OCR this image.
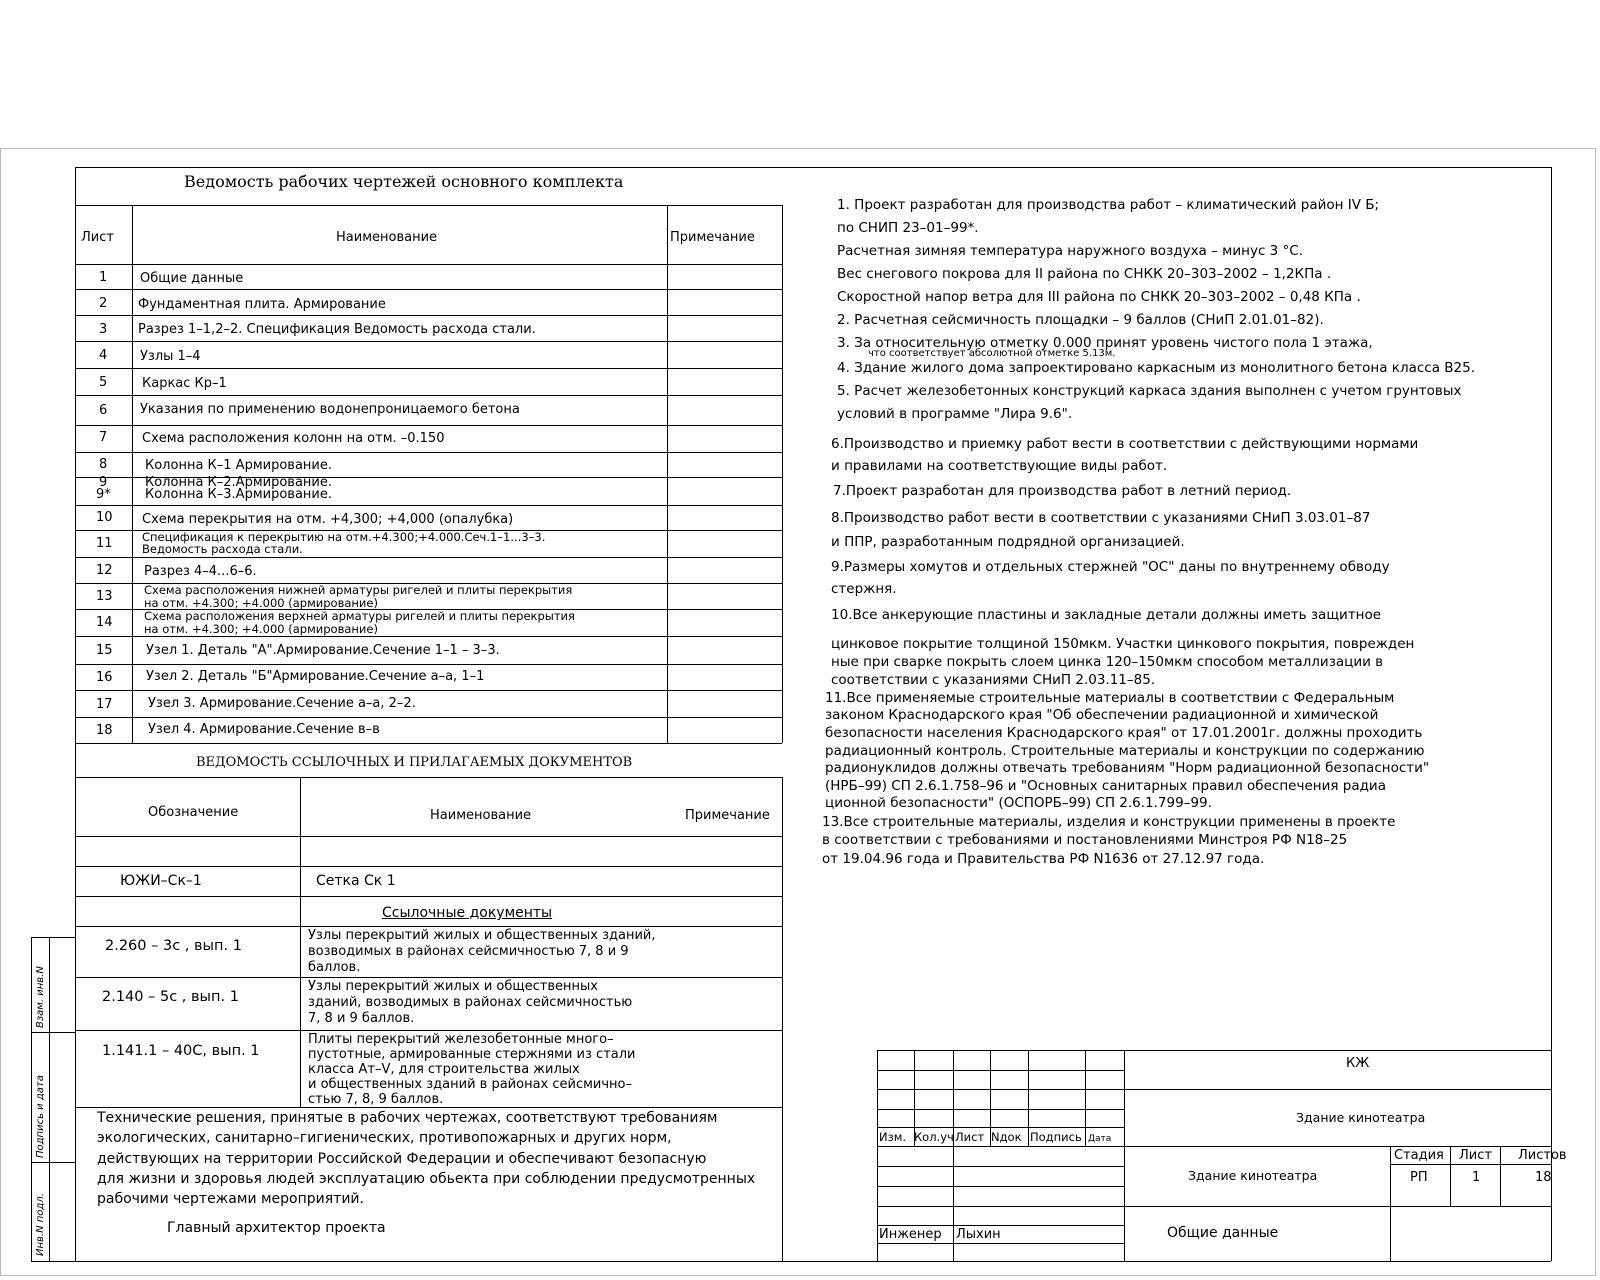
Ведомость рабочих чертежей основного комплекта
Лист	Наименование	Примечание
1	Общие данные
2 Фундаментная плита. Армирование
3 Разрез 1–1,2–2. Спецификация Ведомость расхода стали.
4	Узлы 1–4
5	Каркас Кр–1
6	Указания по применению водонепроницаемого бетона
7	Схема расположения колонн на отм. –0.150
8	Колонна К–1 Армирование.
9	Колонна К–2.Армирование.
9*	Колонна К–3.Армирование.
10 Схема перекрытия на отм. +4,300; +4,000 (опалубка)
11	Спецификация к перекрытию на отм.+4.300;+4.000.Сеч.1–1...3–3.
Ведомость расхода стали.
12 Разрез 4–4...6–6.
13	Схема расположения нижней арматуры ригелей и плиты перекрытия
на отм. +4.300; +4.000 (армирование)
14	Схема расположения верхней арматуры ригелей и плиты перекрытия
на отм. +4.300; +4.000 (армирование)
15	Узел 1. Деталь "А".Армирование.Сечение 1–1 – 3–3.
16	Узел 2. Деталь "Б"Армирование.Сечение а–а, 1–1
17	Узел 3. Армирование.Сечение а–а, 2–2.
18	Узел 4. Армирование.Сечение в–в
ВЕДОМОСТЬ ССЫЛОЧНЫХ И ПРИЛАГАЕМЫХ ДОКУМЕНТОВ
Обозначение	Наименование	Примечание
ЮЖИ–Ск–1	Сетка Ск 1
Ссылочные документы
2.260 – 3с , вып. 1
Узлы перекрытий жилых и общественных зданий,
возводимых в районах сейсмичностью 7, 8 и 9
баллов.
2.140 – 5с , вып. 1
Узлы перекрытий жилых и общественных
зданий, возводимых в районах сейсмичностью
7, 8 и 9 баллов.
1.141.1 – 40С, вып. 1
Плиты перекрытий железобетонные много–
пустотные, армированные стержнями из стали
класса Ат–V, для строительства жилых
и общественных зданий в районах сейсмично–
стью 7, 8, 9 баллов.
Технические решения, принятые в рабочих чертежах, соответствуют требованиям
экологических, санитарно–гигиенических, противопожарных и других норм,
действующих на территории Российской Федерации и обеспечивают безопасную
для жизни и здоровья людей эксплуатацию обьекта при соблюдении предусмотренных
рабочими чертежами мероприятий.
Главный архитектор проекта
Взам. инв.N
Подпись и дата
Инв.N подл.
1. Проект разработан для производства работ – климатический район IV Б;
по СНИП 23–01–99*.
Расчетная зимняя температура наружного воздуха – минус 3 °С.
Вес снегового покрова для II района по СНКК 20–303–2002 – 1,2КПа .
Скоростной напор ветра для III района по СНКК 20–303–2002 – 0,48 КПа .
2. Расчетная сейсмичность площадки – 9 баллов (СНиП 2.01.01–82).
3. За относительную отметку 0.000 принят уровень чистого пола 1 этажа,
что соответствует абсолютной отметке 5.13м.
4. Здание жилого дома запроектировано каркасным из монолитного бетона класса В25.
5. Расчет железобетонных конструкций каркаса здания выполнен с учетом грунтовых
условий в программе "Лира 9.6".
6.Производство и приемку работ вести в соответствии с действующими нормами
и правилами на соответствующие виды работ.
7.Проект разработан для производства работ в летний период.
8.Производство работ вести в соответствии с указаниями СНиП 3.03.01–87
и ППР, разработанным подрядной организацией.
9.Размеры хомутов и отдельных стержней "ОС" даны по внутреннему обводу
стержня.
10.Все анкерующие пластины и закладные детали должны иметь защитное
цинковое покрытие толщиной 150мкм. Участки цинкового покрытия, поврежден
ные при сварке покрыть слоем цинка 120–150мкм способом металлизации в
соответствии с указаниями СНиП 2.03.11–85.
11.Все применяемые строительные материалы в соответствии с Федеральным
законом Краснодарского края "Об обеспечении радиационной и химической
безопасности населения Краснодарского края" от 17.01.2001г. должны проходить
радиационный контроль. Строительные материалы и конструкции по содержанию
радионуклидов должны отвечать требованиям "Норм радиационной безопасности"
(НРБ–99) СП 2.6.1.758–96 и "Основных санитарных правил обеспечения радиа
ционной безопасности" (ОСПОРБ–99) СП 2.6.1.799–99.
13.Все строительные материалы, изделия и конструкции применены в проекте
в соответствии с требованиями и постановлениями Минстроя РФ N18–25
от 19.04.96 года и Правительства РФ N1636 от 27.12.97 года.
Изм. Кол.уч Лист Nдок Подпись Дата
КЖ
Здание кинотеатра
Здание кинотеатра
Стадия Лист Листов
РП	1	18
Инженер Лыхин	Общие данные
